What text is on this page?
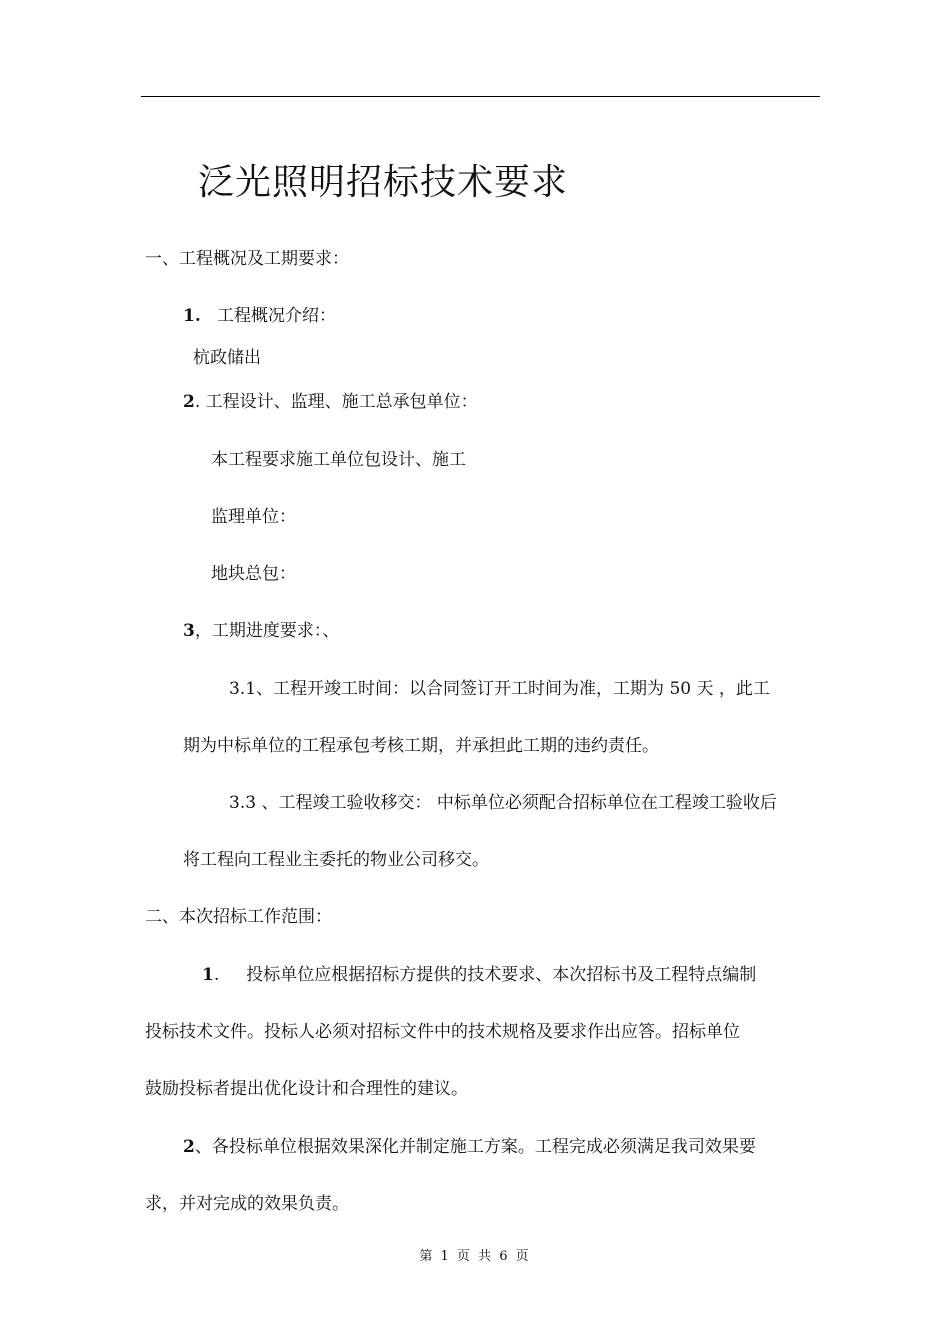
泛光照明招标技术要求
一、工程概况及工期要求：
1. 工程概况介绍：
杭政储出
2. 工程设计、监理、施工总承包单位：
本工程要求施工单位包设计、施工
监理单位：
地块总包：
3，工期进度要求：、
3.1、工程开竣工时间：以合同签订开工时间为准，工期为 50 天 ，此工
期为中标单位的工程承包考核工期，并承担此工期的违约责任。
3.3 、工程竣工验收移交： 中标单位必须配合招标单位在工程竣工验收后
将工程向工程业主委托的物业公司移交。
二、本次招标工作范围：
1.     投标单位应根据招标方提供的技术要求、本次招标书及工程特点编制
投标技术文件。投标人必须对招标文件中的技术规格及要求作出应答。招标单位
鼓励投标者提出优化设计和合理性的建议。
2、各投标单位根据效果深化并制定施工方案。工程完成必须满足我司效果要
求，并对完成的效果负责。
第 1 页 共 6 页
